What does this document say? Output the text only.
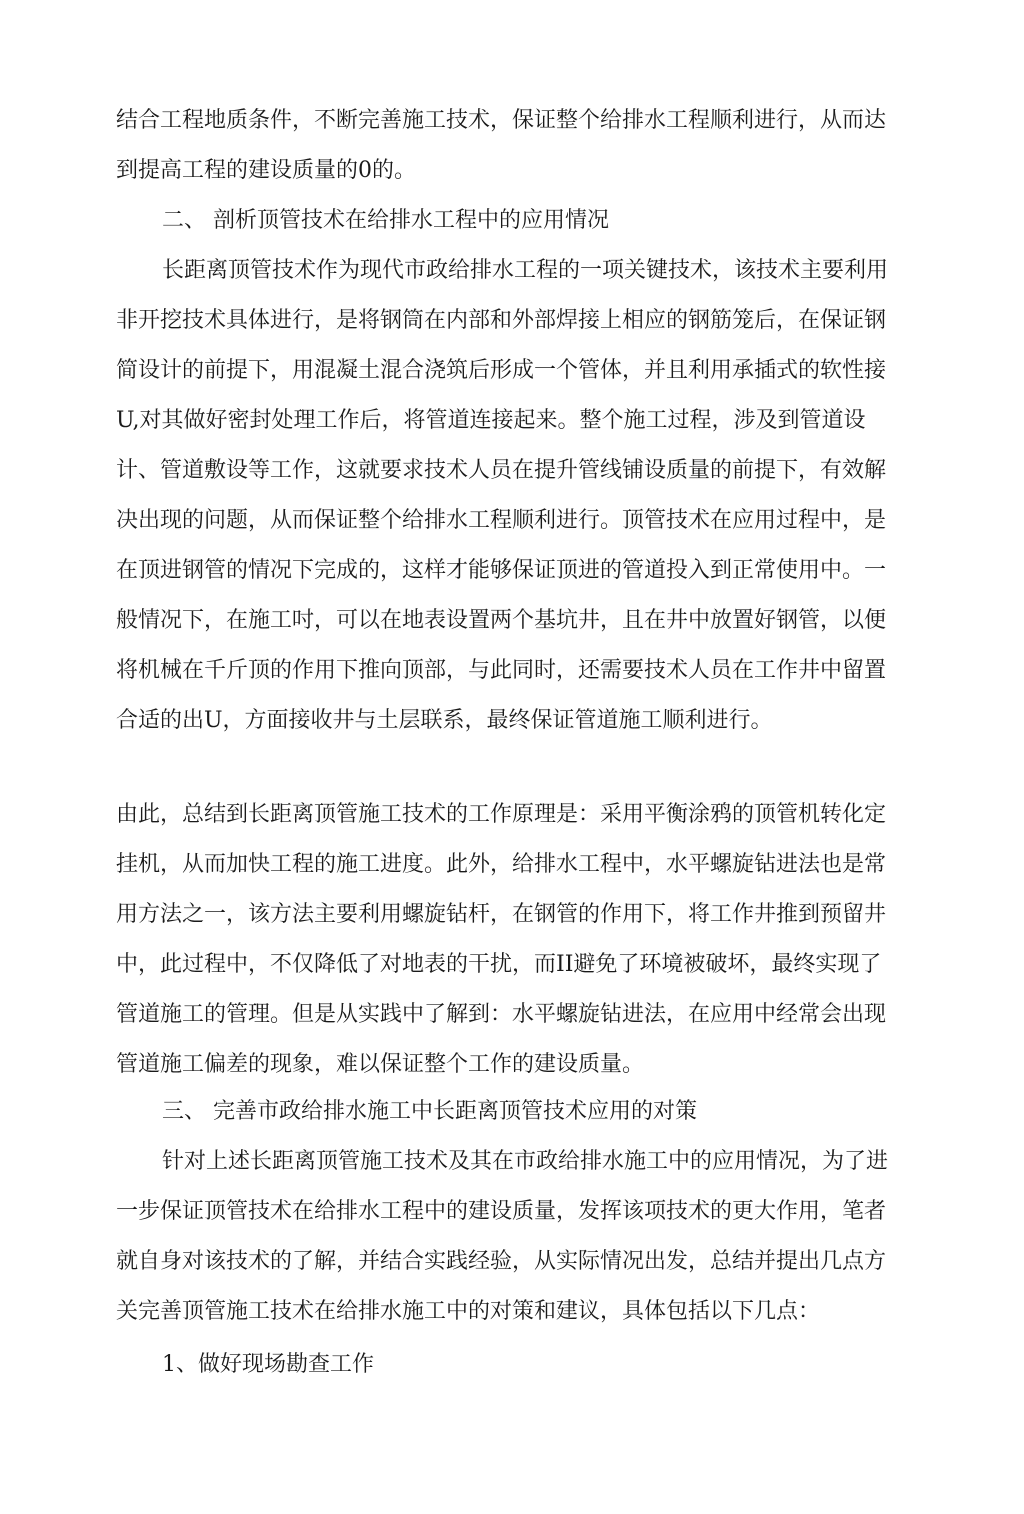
结合工程地质条件，不断完善施工技术，保证整个给排水工程顺利进行，从而达
到提高工程的建设质量的0的。
二、 剖析顶管技术在给排水工程中的应用情况
长距离顶管技术作为现代市政给排水工程的一项关键技术，该技术主要利用
非开挖技术具体进行，是将钢筒在内部和外部焊接上相应的钢筋笼后，在保证钢
简设计的前提下，用混凝土混合浇筑后形成一个管体，并且利用承插式的软性接
U,对其做好密封处理工作后，将管道连接起来。整个施工过程，涉及到管道设
计、管道敷设等工作，这就要求技术人员在提升管线铺设质量的前提下，有效解
决出现的问题，从而保证整个给排水工程顺利进行。顶管技术在应用过程中，是
在顶进钢管的情况下完成的，这样才能够保证顶进的管道投入到正常使用中。一
般情况下，在施工吋，可以在地表设置两个基坑井，且在井中放置好钢管，以便
将机械在千斤顶的作用下推向顶部，与此同时，还需要技术人员在工作井中留置
合适的出U，方面接收井与土层联系，最终保证管道施工顺利进行。
由此，总结到长距离顶管施工技术的工作原理是：采用平衡涂鸦的顶管机转化定
挂机，从而加快工程的施工进度。此外，给排水工程中，水平螺旋钻进法也是常
用方法之一，该方法主要利用螺旋钻杆，在钢管的作用下，将工作井推到预留井
中，此过程中，不仅降低了对地表的干扰，而II避免了环境被破坏，最终实现了
管道施工的管理。但是从实践中了解到：水平螺旋钻进法，在应用中经常会出现
管道施工偏差的现象，难以保证整个工作的建设质量。
三、 完善市政给排水施工中长距离顶管技术应用的对策
针对上述长距离顶管施工技术及其在市政给排水施工中的应用情况，为了进
一步保证顶管技术在给排水工程中的建设质量，发挥该项技术的更大作用，笔者
就自身对该技术的了解，并结合实践经验，从实际情况出发，总结并提出几点方
关完善顶管施工技术在给排水施工中的对策和建议，具体包括以下几点：
1、做好现场勘查工作
